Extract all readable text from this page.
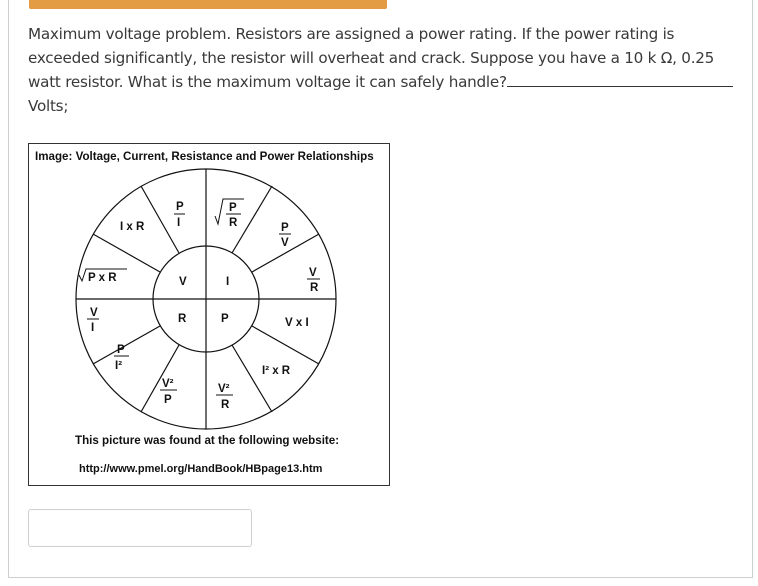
Maximum voltage problem. Resistors are assigned a power rating. If the power rating is exceeded significantly, the resistor will overheat and crack. Suppose you have a 10 k Ω, 0.25 watt resistor. What is the maximum voltage it can safely handle?Volts;
Image: Voltage, Current, Resistance and Power Relationships
V	I
R	P
I x R
P
I
P
R	P
V
V
R
P x R
V
I	V x I
P
I²	I² x R
V²
P
V²
R
This picture was found at the following website:
http://www.pmel.org/HandBook/HBpage13.htm
